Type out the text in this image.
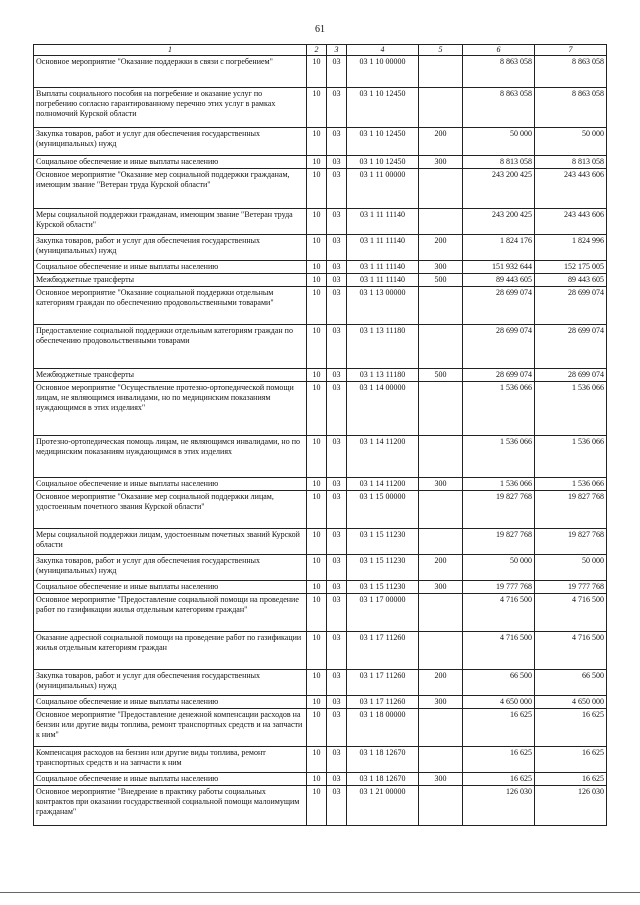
61
1	2	3	4	5	6	7
Основное мероприятие "Оказание поддержки в связи с погребением"	10	03	03 1 10 00000		8 863 058	8 863 058
Выплаты социального пособия на погребение и оказание услуг по погребению согласно гарантированному перечню этих услуг в рамках полномочий Курской области	10	03	03 1 10 12450		8 863 058	8 863 058
Закупка товаров, работ и услуг для обеспечения государственных (муниципальных) нужд	10	03	03 1 10 12450	200	50 000	50 000
Социальное обеспечение и иные выплаты населению	10	03	03 1 10 12450	300	8 813 058	8 813 058
Основное мероприятие "Оказание мер социальной поддержки гражданам, имеющим звание "Ветеран труда Курской области"	10	03	03 1 11 00000		243 200 425	243 443 606
Меры социальной поддержки гражданам, имеющим звание "Ветеран труда Курской области"	10	03	03 1 11 11140		243 200 425	243 443 606
Закупка товаров, работ и услуг для обеспечения государственных (муниципальных) нужд	10	03	03 1 11 11140	200	1 824 176	1 824 996
Социальное обеспечение и иные выплаты населению	10	03	03 1 11 11140	300	151 932 644	152 175 005
Межбюджетные трансферты	10	03	03 1 11 11140	500	89 443 605	89 443 605
Основное мероприятие "Оказание социальной поддержки отдельным категориям граждан по обеспечению продовольственными товарами"	10	03	03 1 13 00000		28 699 074	28 699 074
Предоставление социальной поддержки отдельным категориям граждан по обеспечению продовольственными товарами	10	03	03 1 13 11180		28 699 074	28 699 074
Межбюджетные трансферты	10	03	03 1 13 11180	500	28 699 074	28 699 074
Основное мероприятие "Осуществление протезно-ортопедической помощи лицам, не являющимся инвалидами, но по медицинским показаниям нуждающимся в этих изделиях"	10	03	03 1 14 00000		1 536 066	1 536 066
Протезно-ортопедическая помощь лицам, не являющимся инвалидами, но по медицинским показаниям нуждающимся в этих изделиях	10	03	03 1 14 11200		1 536 066	1 536 066
Социальное обеспечение и иные выплаты населению	10	03	03 1 14 11200	300	1 536 066	1 536 066
Основное мероприятие "Оказание мер социальной поддержки лицам, удостоенным почетного звания Курской области"	10	03	03 1 15 00000		19 827 768	19 827 768
Меры социальной поддержки лицам, удостоенным почетных званий Курской области	10	03	03 1 15 11230		19 827 768	19 827 768
Закупка товаров, работ и услуг для обеспечения государственных (муниципальных) нужд	10	03	03 1 15 11230	200	50 000	50 000
Социальное обеспечение и иные выплаты населению	10	03	03 1 15 11230	300	19 777 768	19 777 768
Основное мероприятие "Предоставление социальной помощи на проведение работ по газификации жилья отдельным категориям граждан"	10	03	03 1 17 00000		4 716 500	4 716 500
Оказание адресной социальной помощи на проведение работ по газификации жилья отдельным категориям граждан	10	03	03 1 17 11260		4 716 500	4 716 500
Закупка товаров, работ и услуг для обеспечения государственных (муниципальных) нужд	10	03	03 1 17 11260	200	66 500	66 500
Социальное обеспечение и иные выплаты населению	10	03	03 1 17 11260	300	4 650 000	4 650 000
Основное мероприятие "Предоставление денежной компенсации расходов на бензин или другие виды топлива, ремонт транспортных средств и на запчасти к ним"	10	03	03 1 18 00000		16 625	16 625
Компенсация расходов на бензин или другие виды топлива, ремонт транспортных средств и на запчасти к ним	10	03	03 1 18 12670		16 625	16 625
Социальное обеспечение и иные выплаты населению	10	03	03 1 18 12670	300	16 625	16 625
Основное мероприятие "Внедрение в практику работы социальных контрактов при оказании государственной социальной помощи малоимущим гражданам"	10	03	03 1 21 00000		126 030	126 030
